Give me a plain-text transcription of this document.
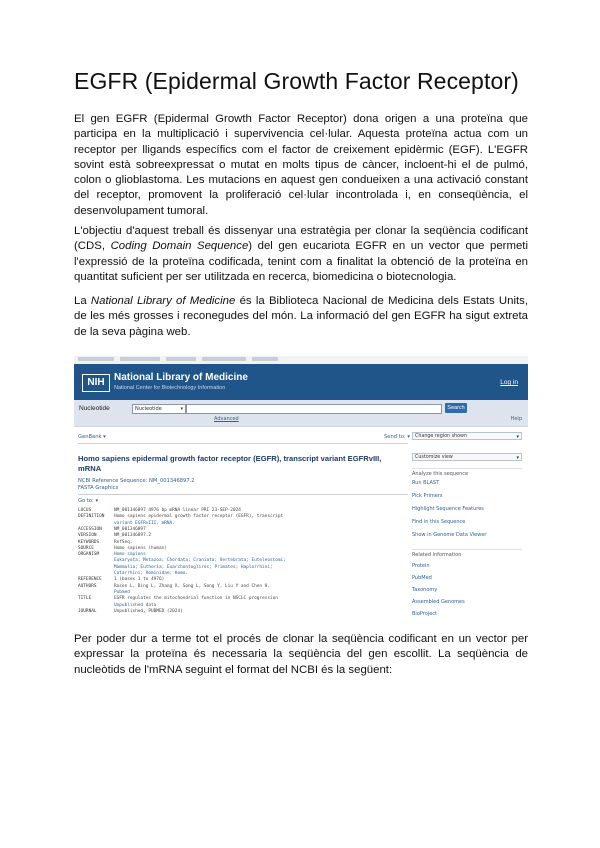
EGFR (Epidermal Growth Factor Receptor)

El gen EGFR (Epidermal Growth Factor Receptor) dona origen a una proteïna que participa en la multiplicació i supervivencia cel·lular. Aquesta proteïna actua com un receptor per lligands específics com el factor de creixement epidèrmic (EGF). L'EGFR sovint està sobreexpressat o mutat en molts tipus de càncer, incloent-hi el de pulmó, colon o glioblastoma. Les mutacions en aquest gen condueixen a una activació constant del receptor, promovent la proliferació cel·lular incontrolada i, en conseqüència, el desenvolupament tumoral.

L'objectiu d'aquest treball és dissenyar una estratègia per clonar la seqüència codificant (CDS, Coding Domain Sequence) del gen eucariota EGFR en un vector que permeti l'expressió de la proteïna codificada, tenint com a finalitat la obtenció de la proteïna en quantitat suficient per ser utilitzada en recerca, biomedicina o biotecnologia.

La National Library of Medicine és la Biblioteca Nacional de Medicina dels Estats Units, de les més grosses i reconegudes del món. La informació del gen EGFR ha sigut extreta de la seva pàgina web.

NIH National Library of Medicine
National Center for Biotechnology Information
Log in
Nucleotide	Nucleotide ▾	Search
Advanced	Help
GenBank ▾	Send to: ▾
Homo sapiens epidermal growth factor receptor (EGFR), transcript variant EGFRvIII, mRNA
NCBI Reference Sequence: NM_001346897.2
FASTA Graphics
Go to: ▾
LOCUS	NM_001346897 4976 bp mRNA linear PRI 23-SEP-2024
DEFINITION Homo sapiens epidermal growth factor receptor (EGFR), transcript
variant EGFRvIII, mRNA.
ACCESSION	NM_001346897
VERSION	NM_001346897.2
KEYWORDS	RefSeq.
SOURCE	Homo sapiens (human)
ORGANISM	Homo sapiens
Eukaryota; Metazoa; Chordata; Craniata; Vertebrata; Euteleostomi;
Mammalia; Eutheria; Euarchontoglires; Primates; Haplorrhini;
Catarrhini; Hominidae; Homo.
REFERENCE	1 (bases 1 to 4976)
AUTHORS	Rosen L, Ding L, Zhang X, Song L, Song Y, Liu Y and Chen H.
Pubmed
TITLE	EGFR regulates the mitochondrial function in NSCLC progression
Unpublished data
JOURNAL	Unpublished, PUBMED (2024)
Change region shown ▾
Customize view ▾
Analyze this sequence
Run BLAST
Pick Primers
Highlight Sequence Features
Find in this Sequence
Show in Genome Data Viewer
Related information
Protein
PubMed
Taxonomy
Assembled Genomes
BioProject

Per poder dur a terme tot el procés de clonar la seqüència codificant en un vector per expressar la proteïna és necessaria la seqüència del gen escollit. La seqüència de nucleòtids de l'mRNA seguint el format del NCBI és la següent:
